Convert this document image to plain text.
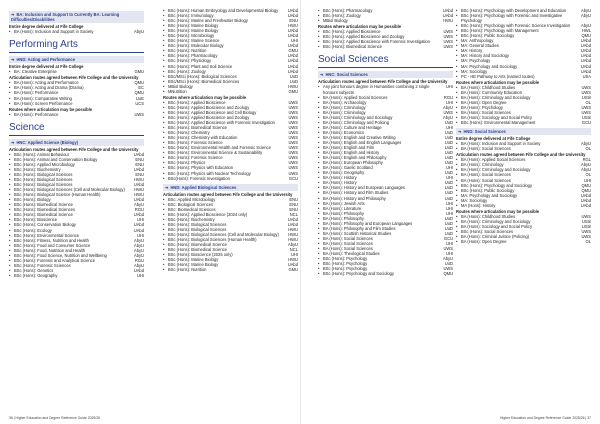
➔ BA: Inclusion and Support to Currently BA: Learning Difficulties/Disabilities
Entire degree delivered at Fife College
• BA (Hons): Inclusion and Support in Society	AbyU
Performing Arts
➔ HND: Acting and Performance
Entire degree delivered at Fife College
• BA: Creative Enterprise	GMU
Articulation routes agreed between Fife College and the University
• BA (Hons): Acting and Performance	QMU
• BA (Hons): Acting and Drama (Drama)	EC
• BA (Hons): Performance	QMU
• BA (Hons): Comparative Writing	UoE
• BA (Hons): Screen Performance	UCS
Routes where articulation may be possible
• BA (Hons): Performance	UWS
Science
➔ HNC: Applied Science (Biology)
Articulation routes agreed between Fife College and the University
• BSc (Hons): Animal Behaviour	UAbd
• BSc (Hons): Animal and Conservation Biology	ENU
• BSc (Hons): Applied Microbiology	ENU
• BSc (Hons): Biochemistry	UAbd
• BSc (Hons): Biological Sciences	ENU
• BSc (Hons): Biological Sciences	HWU
• BSc (Hons): Biological Sciences	UAbd
• BSc (Hons): Biological Sciences (Cell and Molecular Biology)	HWU
• BSc (Hons): Biological Science (Human Health)	HWU
• BSc (Hons): Biology	UAbd
• BSc (Hons): Biomedical Science	AbyU
• BSc (Hons): Biomedical Sciences	RGU
• BSc (Hons): Biomedical Science	UAbd
• BSc (Hons): Bioscience	UHI
• BSc (Hons): Conservation Biology	UAbd
• BSc (Hons): Ecology	UAbd
• BSc (Hons): Environmental Science	UHI
• BSc (Hons): Fitness, Nutrition and Health	AbyU
• BSc (Hons): Food and Consumer Science	AbyU
• BSc (Hons): Food, Nutrition and Health	AbyU
• BSc (Hons): Food Science, Nutrition and Wellbeing	AbyU
• BSc (Hons): Forensic and Analytical Science	RGU
• BSc (Hons): Forensic Sciences	AbyU
• BSc (Hons): Genetics	UAbd
• BSc (Hons): Geography	UHI
• BSc (Hons): Human Embryology and Developmental Biology	UAbd
• BSc (Hons): Immunology	UAbd
• BSc (Hons): Marine and Freshwater Biology	ENU
• BSc (Hons): Marine Biology	HWU
• BSc (Hons): Marine Biology	UAbd
• BSc (Hons): Microbiology	UAbd
• BSc (Hons): Marine Science	UHI
• BSc (Hons): Molecular Biology	UAbd
• BSc (Hons): Nutrition	GMU
• BSc (Hons): Pharmacology	UAbd
• BSc (Hons): Physiology	UAbd
• BSc (Hons): Plant and Soil Science	UAbd
• BSc (Hons): Zoology	UAbd
• BSc/MSci (Hons): Biological Sciences	UoD
• BSc/MSci (Hons): Biomedical Sciences	UoD
• MBiol Biology	HWU
• MNutrition	GMU
Routes where articulation may be possible
• BSc (Hons): Applied Bioscience	UWS
• BSc (Hons): Applied Bioscience and Zoology	UWS
• BSc (Hons): Applied Bioscience and Cell Biology	UWS
• BSc (Hons): Applied Bioscience and Zoology	UWS
• BSc (Hons): Applied Bioscience with Forensic Investigation	UWS
• BSc (Hons): Biomedical Science	UWS
• BSc (Hons): Chemistry	UWS
• BSc (Hons): Chemistry with Education	UWS
• BSc (Hons): Forensic Science	UWS
• BSc (Hons): Environmental Health and Forensic Science	UWS
• BSc (Hons): Environmental Science & Sustainability	UWS
• BSc (Hons): Forensic Science	UWS
• BSc (Hons): Physics	UWS
• BSc (Hons): Physics with Education	UWS
• BSc (Hons): Physics with Nuclear Technology	UWS
• BSc(Hons): Forensic Investigation	GCU
➔ HND: Applied Biological Sciences
Articulation routes agreed between Fife College and the University
• BSc: Applied Microbiology	ENU
• BSc: Biological Sciences	ENU
• BSc: Biomedical Sciences	ENU
• BSc (Hons): Applied Bioscience (2024 only)	NCL
• BSc (Hons): Biochemistry	UAbd
• BSc (Hons): Biological Sciences	UAbd
• BSc (Hons): Biological Sciences	HWU
• BSc (Hons): Biological Sciences (Cell and Molecular Biology)	HWU
• BSc (Hons): Biological Sciences (Human Health)	HWU
• BSc (Hons): Biomedical Science	AbyU
• BSc (Hons): Biomedical Science	NCL
• BSc (Hons): Bioscience (2025 only)	UHI
• BSc (Hons): Marine Biology	HWU
• BSc (Hons): Marine Biology	UAbd
• BSc (Hons): Nutrition	GMU
• BSc (Hons): Pharmacology	UAbd
• BSc (Hons): Zoology	UAbd
• MBiol Biology	HWU
Routes where articulation may be possible
• BSc (Hons): Applied Bioscience	UWS
• BSc (Hons): Applied Bioscience and Zoology	UWS
• BSc (Hons): Applied Bioscience with Forensic Investigation	UWS
• BSc (Hons): Biomedical Science	UWS
Social Sciences
➔ HNC: Social Sciences
Articulation routes agreed between Fife College and the University
• Any joint honours degree in Humanities combining 2 single honours subjects
UHI
• BA (Hons): Applied Social Sciences	RGU
• BA (Hons): Archaeology	UHI
• BA (Hons): Criminology	AbyU
• BA (Hons): Criminology	UWS
• BA (Hons): Criminology and Sociology	AbyU
• BA (Hons): Criminology and Policing	UoD
• BA (Hons): Culture and Heritage	UHI
• BA (Hons): Economics	UoD
• BA (Hons): English and Creative Writing	UoD
• BA (Hons): English and English Languages	UoD
• BA (Hons): English and Film	UoD
• BA (Hons): English and History	UoD
• BA (Hons): English and Philosophy	UoD
• BA (Hons): European Philosophy	UoD
• BA (Hons): Gaelic Scotland	UHI
• BA (Hons): Geography	UoD
• BA (Hons): History	UHI
• BA (Hons): History	UoD
• BA (Hons): History and European Languages	UoD
• BA (Hons): History and Film Studies	UoD
• BA (Hons): History and Philosophy	UoD
• BA (Hons): Jewish Arts	UHI
• BA (Hons): Literature	UHI
• BA (Hons): Philosophy	UHI
• BA (Hons): Philosophy	UoD
• BA (Hons): Philosophy and European Languages	UoD
• BA (Hons): Philosophy and Film Studies	UoD
• BA (Hons): Scottish Historical Studies	UoD
• BA (Hons): Social Sciences	GCU
• BA (Hons): Social Sciences	UHI
• BA (Hons): Social Sciences	UWS
• BA (Hons): Theological Studies	UHI
• BSc (Hons): Psychology	AbyU
• BSc (Hons): Psychology	UoD
• BSc (Hons): Psychology	UWS
• BSc (Hons): Psychology and Sociology	QMU
• BSc (Hons): Psychology with Development and Education	AbyU
• BSc (Hons): Psychology with Forensic and Investigative Psychology
AbyU
• BSc (Hons): Psychology with Forensic Science Investigation	AbyU
• BSc (Hons): Psychology with Management	HWL
• BSc (Hons): Public Sociology	QMU
• MA: Anthropology	UAbd
• MA: General Studies	UAbd
• MA: History	UAbd
• MA: History and Sociology	UAbd
• MA: Psychology	UAbd
• MA: Psychology and Sociology	UAbd
• MA: Sociology	UAbd
• PC - HE Pathway to Arts (named routes)	USA
Routes where articulation may be possible
• BA (Hons): Childhood Studies	UWS
• BA (Hons): Community Education	UWS
• BA (Hons): Criminology and Sociology	UStir
• BA (Hons): Open Degree	OL
• BA (Hons): Psychology	UWS
• BA (Hons): Social Sciences	UWS
• BA (Hons): Sociology and Social Policy	UStir
• BSc (Hons): Environmental Management	GCU
➔ HND: Social Sciences
Entire degree delivered at Fife College
• BA (Hons): Inclusion and Support in Society	AbyU
• BA (Hons): Social Sciences	OL
Articulation routes agreed between Fife College and the University
• BA (Hons): Applied Social Sciences	RGL
• BA (Hons): Criminology	AbyU
• BA (Hons): Criminology and Sociology	AbyU
• BA (Hons): Social Sciences	OL
• BA (Hons): Social Sciences	UHI
• BSc (Hons): Psychology and Sociology	QMU
• BSc (Hons): Public Sociology	QMU
• MA: Psychology and Sociology	UAbd
• MA: Sociology	UAbd
• MA (Hons): History	UAbd
Routes where articulation may be possible
• BA (Hons): Childhood Studies	UWS
• BA (Hons): Criminology and Sociology	UStir
• BA (Hons): Sociology and Social Policy	UStir
• BSc (Hons): Social Sciences	UWS
• BA (Hons): Criminal Justice (Policing)	UWS
• BA (Hons): Open Degree	OL
36 | Higher Education and Degree Reference Guide 2025/26	Higher Education and Degree Reference Guide 2025/26 | 37
